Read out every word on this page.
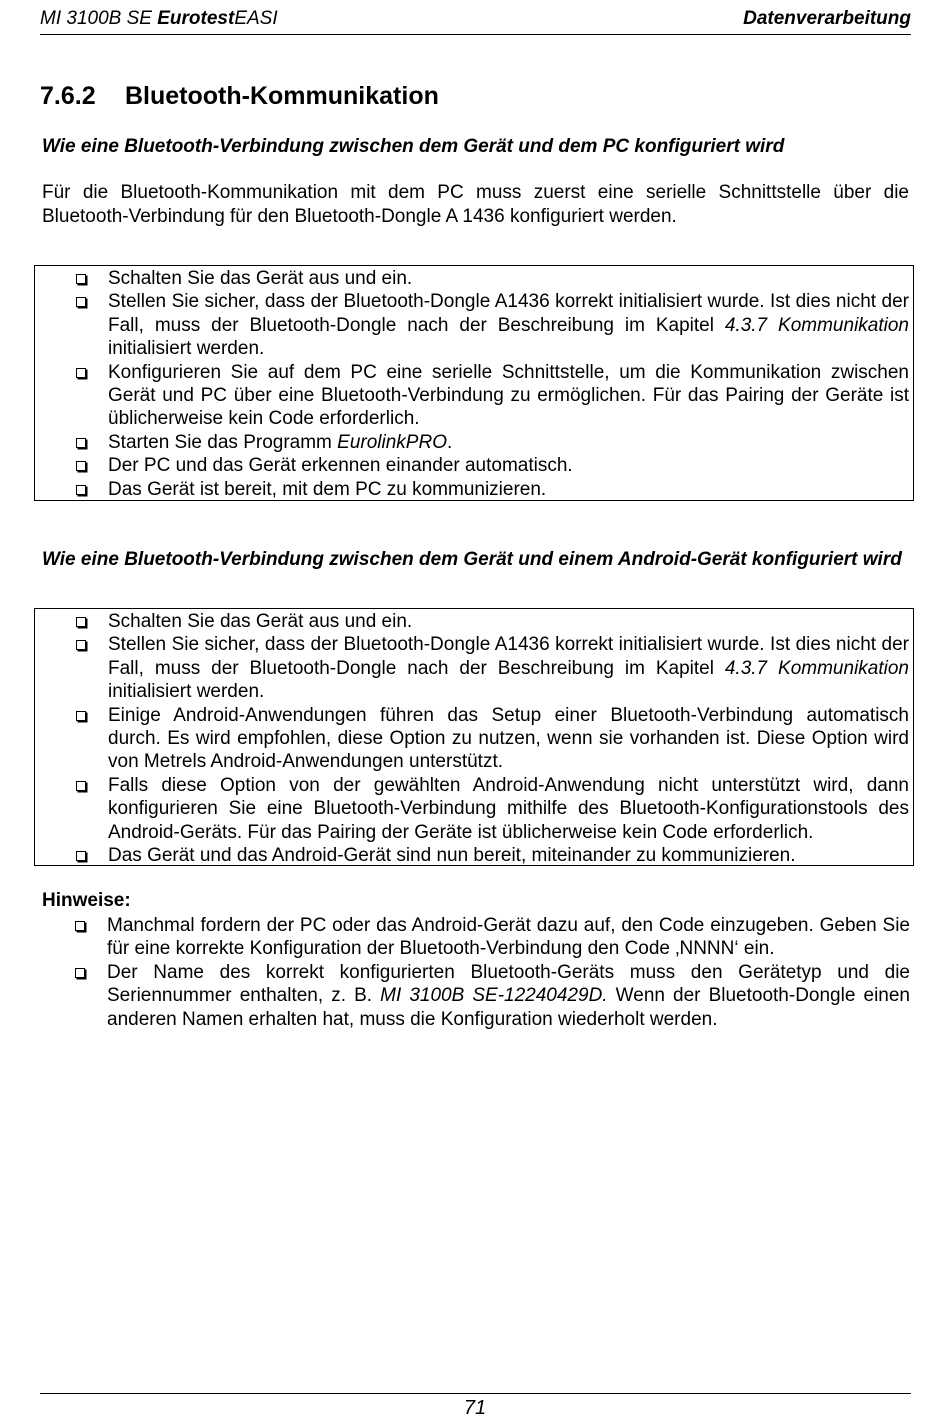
MI 3100B SE EurotestEASI	Datenverarbeitung
7.6.2 Bluetooth-Kommunikation

Wie eine Bluetooth-Verbindung zwischen dem Gerät und dem PC konfiguriert wird

Für die Bluetooth-Kommunikation mit dem PC muss zuerst eine serielle Schnittstelle über die Bluetooth-Verbindung für den Bluetooth-Dongle A 1436 konfiguriert werden.

Schalten Sie das Gerät aus und ein.
Stellen Sie sicher, dass der Bluetooth-Dongle A1436 korrekt initialisiert wurde. Ist dies nicht der Fall, muss der Bluetooth-Dongle nach der Beschreibung im Kapitel 4.3.7 Kommunikation initialisiert werden.
Konfigurieren Sie auf dem PC eine serielle Schnittstelle, um die Kommunikation zwischen Gerät und PC über eine Bluetooth-Verbindung zu ermöglichen. Für das Pairing der Geräte ist üblicherweise kein Code erforderlich.
Starten Sie das Programm EurolinkPRO.
Der PC und das Gerät erkennen einander automatisch.
Das Gerät ist bereit, mit dem PC zu kommunizieren.

Wie eine Bluetooth-Verbindung zwischen dem Gerät und einem Android-Gerät konfiguriert wird

Schalten Sie das Gerät aus und ein.
Stellen Sie sicher, dass der Bluetooth-Dongle A1436 korrekt initialisiert wurde. Ist dies nicht der Fall, muss der Bluetooth-Dongle nach der Beschreibung im Kapitel 4.3.7 Kommunikation initialisiert werden.
Einige Android-Anwendungen führen das Setup einer Bluetooth-Verbindung automatisch durch. Es wird empfohlen, diese Option zu nutzen, wenn sie vorhanden ist. Diese Option wird von Metrels Android-Anwendungen unterstützt.
Falls diese Option von der gewählten Android-Anwendung nicht unterstützt wird, dann konfigurieren Sie eine Bluetooth-Verbindung mithilfe des Bluetooth-Konfigurationstools des Android-Geräts. Für das Pairing der Geräte ist üblicherweise kein Code erforderlich.
Das Gerät und das Android-Gerät sind nun bereit, miteinander zu kommunizieren.

Hinweise:

Manchmal fordern der PC oder das Android-Gerät dazu auf, den Code einzugeben. Geben Sie für eine korrekte Konfiguration der Bluetooth-Verbindung den Code ‚NNNN‘ ein.
Der Name des korrekt konfigurierten Bluetooth-Geräts muss den Gerätetyp und die Seriennummer enthalten, z. B. MI 3100B SE-12240429D. Wenn der Bluetooth-Dongle einen anderen Namen erhalten hat, muss die Konfiguration wiederholt werden.
71
